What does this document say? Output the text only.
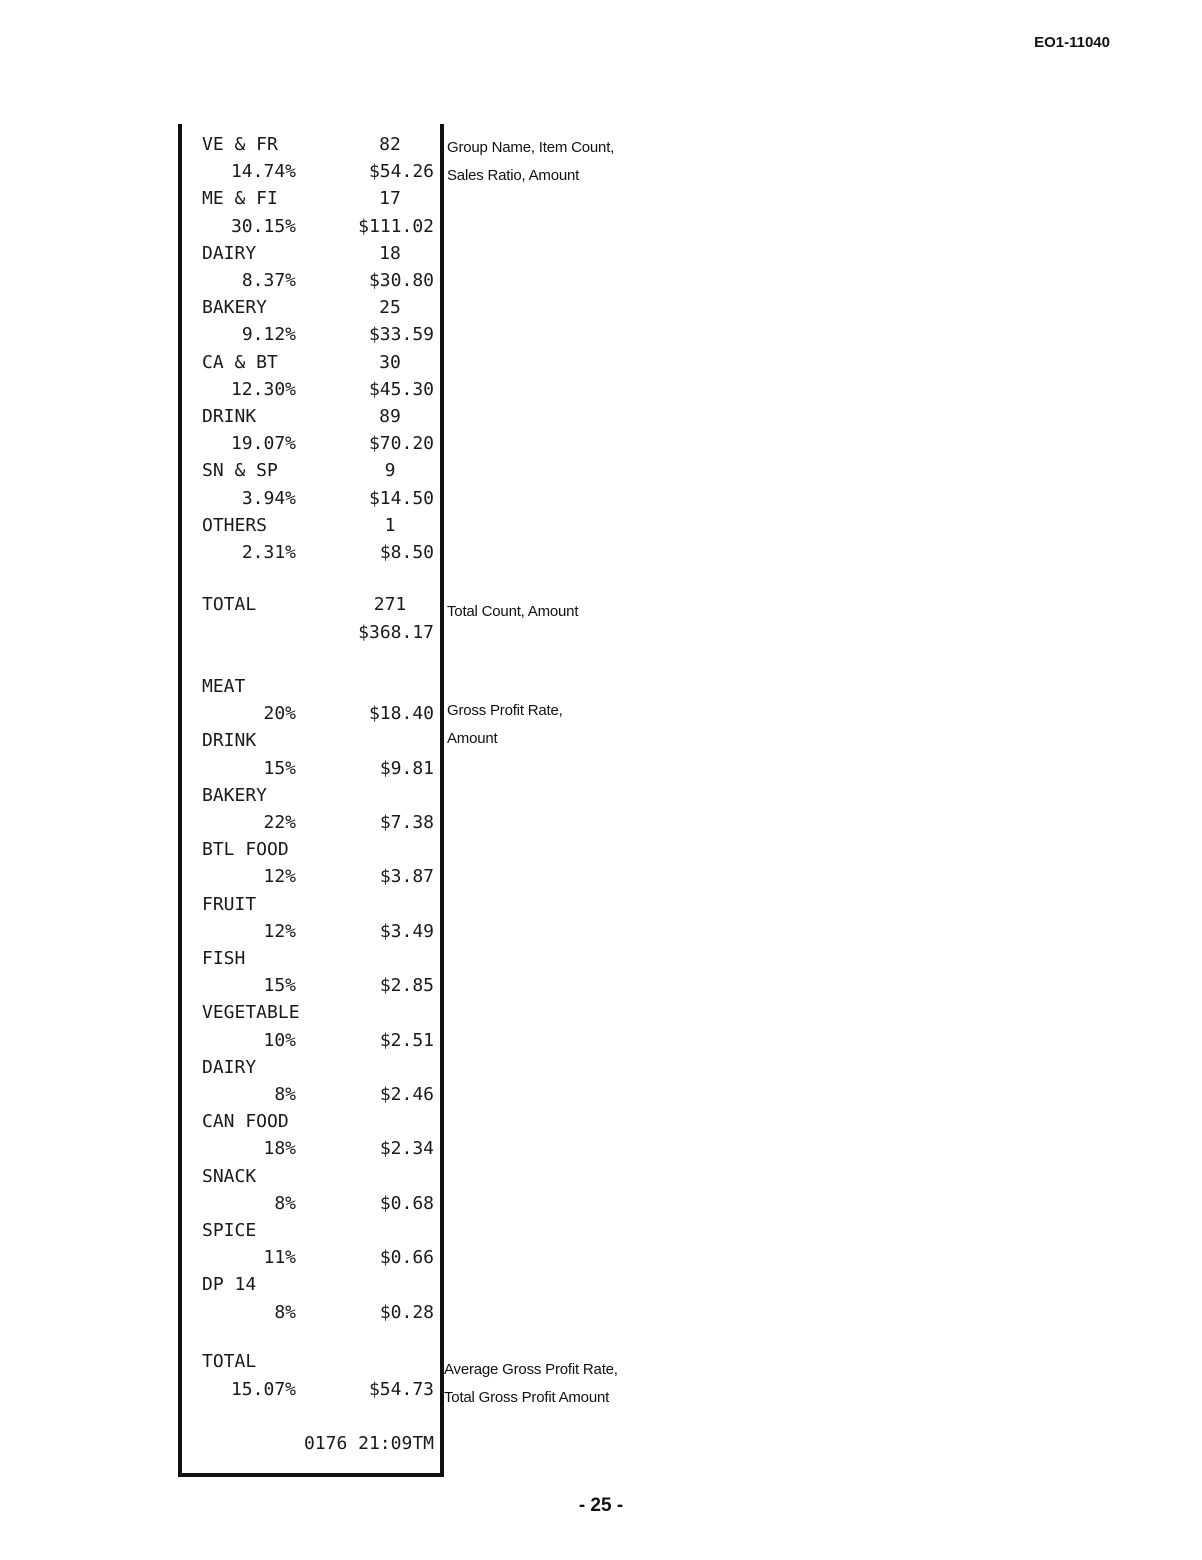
EO1-11040
TOTAL	271
$368.17
TOTAL
15.07%	$54.73
0176 21:09TM
VE & FR	82
14.74%	$54.26
ME & FI	17
30.15%	$111.02
DAIRY	18
8.37%	$30.80
BAKERY	25
9.12%	$33.59
CA & BT	30
12.30%	$45.30
DRINK	89
19.07%	$70.20
SN & SP	9
3.94%	$14.50
OTHERS	1
2.31%	$8.50
MEAT
20%	$18.40
DRINK
15%	$9.81
BAKERY
22%	$7.38
BTL FOOD
12%	$3.87
FRUIT
12%	$3.49
FISH
15%	$2.85
VEGETABLE
10%	$2.51
DAIRY
8%	$2.46
CAN FOOD
18%	$2.34
SNACK
8%	$0.68
SPICE
11%	$0.66
DP 14
8%	$0.28
Group Name, Item Count,
Sales Ratio, Amount
Total Count, Amount
Gross Profit Rate,
Amount
Average Gross Profit Rate,
Total Gross Profit Amount
- 25 -
